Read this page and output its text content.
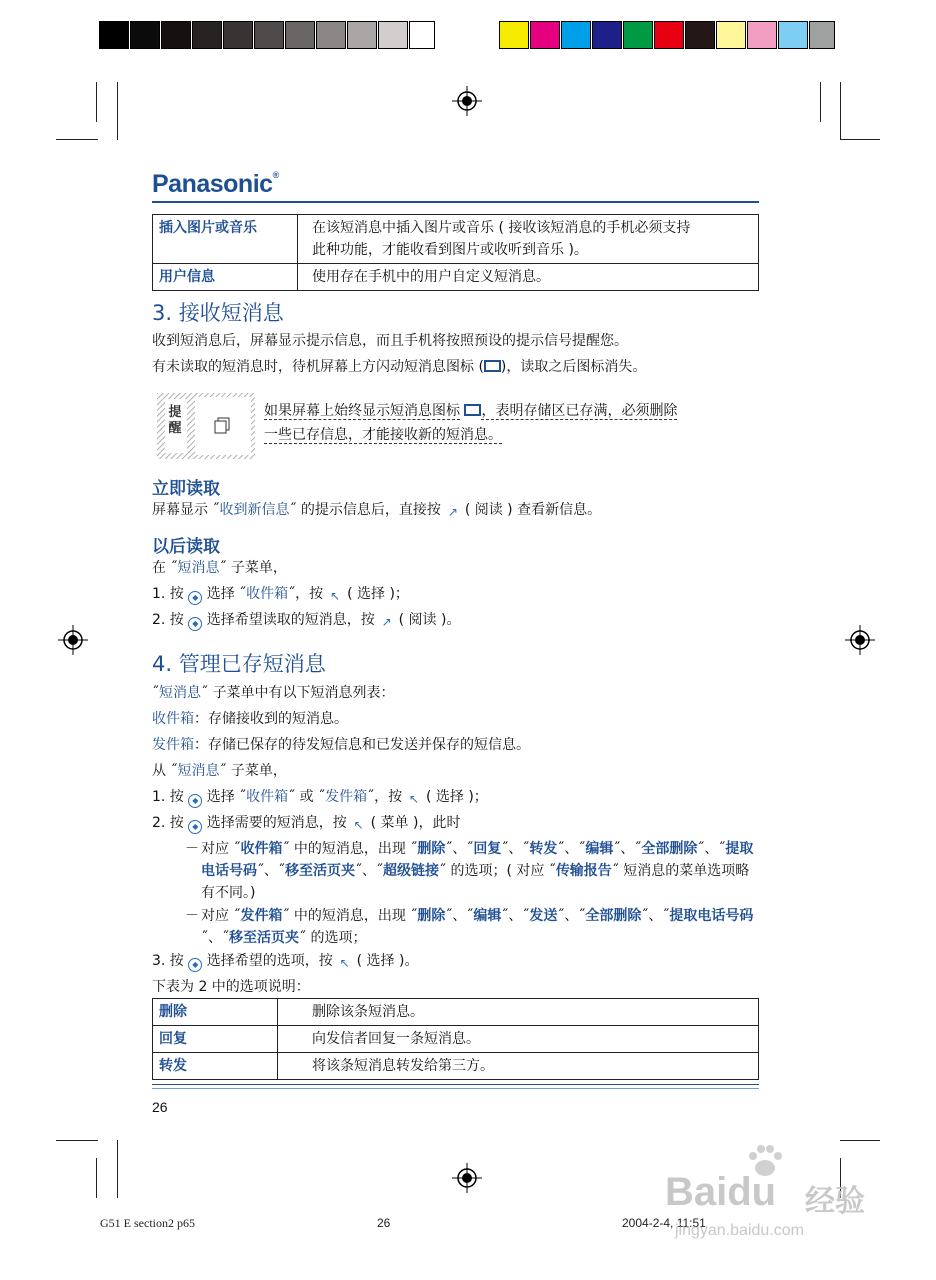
Panasonic®
插入图片或音乐	在该短消息中插入图片或音乐 ( 接收该短消息的手机必须支持
此种功能，才能收看到图片或收听到音乐 )。

用户信息	使用存在手机中的用户自定义短消息。
3. 接收短消息
收到短消息后，屏幕显示提示信息，而且手机将按照预设的提示信号提醒您。
有未读取的短消息时，待机屏幕上方闪动短消息图标 ( )，读取之后图标消失。
提
醒
如果屏幕上始终显示短消息图标 ，表明存储区已存满，必须删除
一些已存信息，才能接收新的短消息。
立即读取
屏幕显示 ˝收到新信息˝ 的提示信息后，直接按 ↗ ( 阅读 ) 查看新信息。
以后读取
在 ˝短消息˝ 子菜单，
1. 按 ◆ 选择 ˝收件箱˝，按 ↖ ( 选择 )；
2. 按 ◆ 选择希望读取的短消息，按 ↗ ( 阅读 )。
4. 管理已存短消息
˝短消息˝ 子菜单中有以下短消息列表：
收件箱：存储接收到的短消息。
发件箱：存储已保存的待发短信息和已发送并保存的短信息。
从 ˝短消息˝ 子菜单，
1. 按 ◆ 选择 ˝收件箱˝ 或 ˝发件箱˝，按 ↖ ( 选择 )；
2. 按 ◆ 选择需要的短消息，按 ↖ ( 菜单 )，此时
－ 对应 ˝收件箱˝ 中的短消息，出现 ˝删除˝、˝回复˝、˝转发˝、˝编辑˝、˝全部删除˝、˝提取电话号码˝、˝移至活页夹˝、˝超级链接˝ 的选项；( 对应 ˝传输报告˝ 短消息的菜单选项略有不同。)
－ 对应 ˝发件箱˝ 中的短消息，出现 ˝删除˝、˝编辑˝、˝发送˝、˝全部删除˝、˝提取电话号码˝、˝移至活页夹˝ 的选项；
3. 按 ◆ 选择希望的选项，按 ↖ ( 选择 )。
下表为 2 中的选项说明：
删除	删除该条短消息。
回复	向发信者回复一条短消息。
转发	将该条短消息转发给第三方。
26
G51 E section2 p65	26	2004-2-4, 11:51
Baidu 经验
jingyan.baidu.com
